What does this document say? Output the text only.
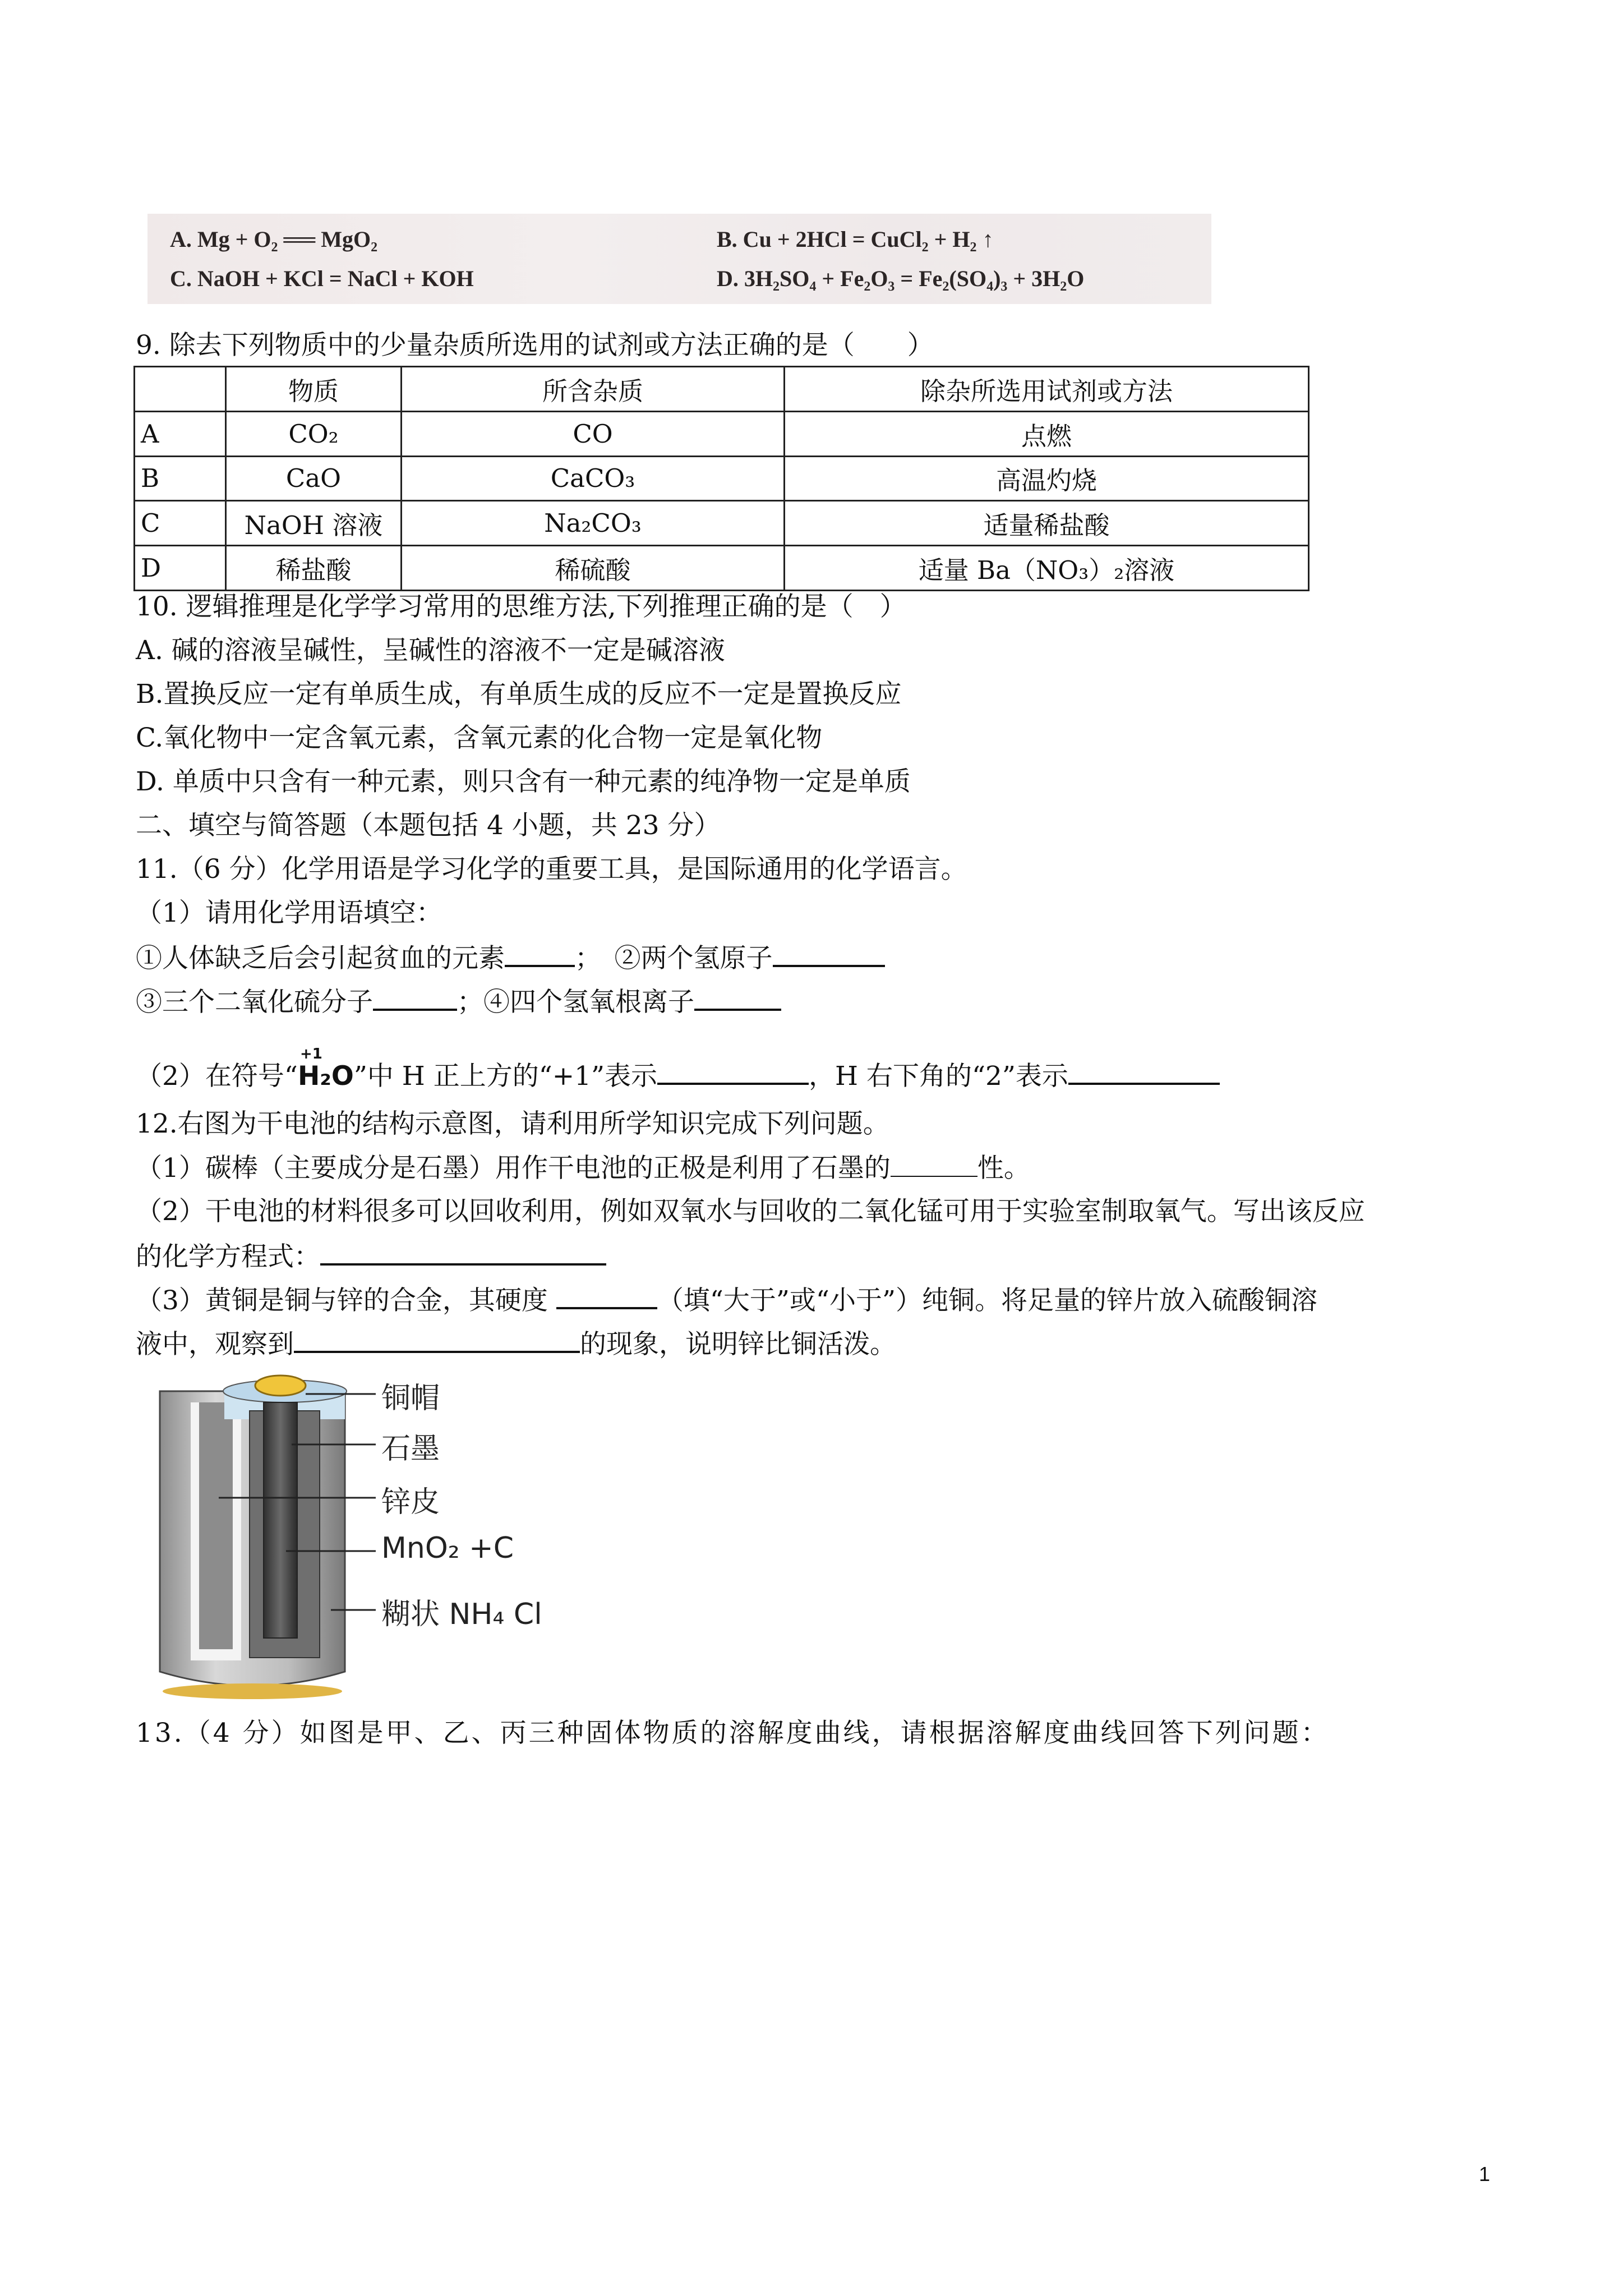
A. Mg + O₂ ══ MgO₂	B. Cu + 2HCl = CuCl₂ + H₂ ↑
C. NaOH + KCl = NaCl + KOH	D. 3H₂SO₄ + Fe₂O₃ = Fe₂(SO₄)₃ + 3H₂O
9. 除去下列物质中的少量杂质所选用的试剂或方法正确的是（　　）
	物质	所含杂质	除杂所选用试剂或方法
A	CO₂	CO	点燃
B	CaO	CaCO₃	高温灼烧
C	NaOH 溶液	Na₂CO₃	适量稀盐酸
D	稀盐酸	稀硫酸	适量 Ba（NO₃）₂溶液
10. 逻辑推理是化学学习常用的思维方法,下列推理正确的是（　）
A. 碱的溶液呈碱性，呈碱性的溶液不一定是碱溶液
B.置换反应一定有单质生成，有单质生成的反应不一定是置换反应
C.氧化物中一定含氧元素，含氧元素的化合物一定是氧化物
D. 单质中只含有一种元素，则只含有一种元素的纯净物一定是单质
二、填空与简答题（本题包括 4 小题，共 23 分）
11.（6 分）化学用语是学习化学的重要工具，是国际通用的化学语言。
（1）请用化学用语填空：
①人体缺乏后会引起贫血的元素	；　 ②两个氢原子
③三个二氧化硫分子	；④四个氢氧根离子
（2）在符号“
+1
H₂O”中 H 正上方的“+1”表示	，H 右下角的“2”表示
12.右图为干电池的结构示意图，请利用所学知识完成下列问题。
（1）碳棒（主要成分是石墨）用作干电池的正极是利用了石墨的	性。
（2）干电池的材料很多可以回收利用，例如双氧水与回收的二氧化锰可用于实验室制取氧气。写出该反应
的化学方程式：
（3）黄铜是铜与锌的合金，其硬度	（填“大于”或“小于”）纯铜。将足量的锌片放入硫酸铜溶
液中，观察到	的现象，说明锌比铜活泼。
铜帽
石墨
锌皮
MnO₂ +C
糊状 NH₄ Cl
13.（4 分）如图是甲、乙、丙三种固体物质的溶解度曲线，请根据溶解度曲线回答下列问题：
1
